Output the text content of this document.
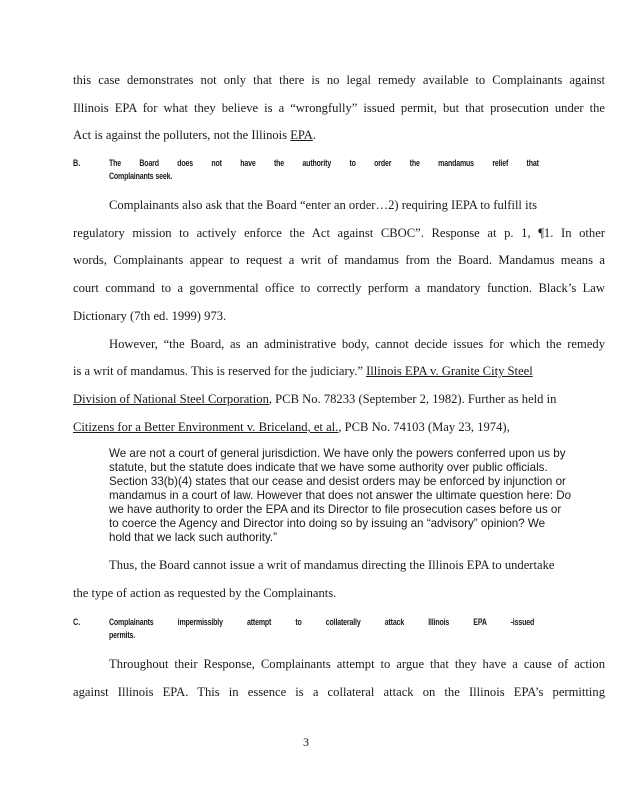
this case demonstrates not only that there is no legal remedy available to Complainants against
Illinois EPA for what they believe is a “wrongfully” issued permit, but that prosecution under the
Act is against the polluters, not the Illinois EPA.
B.	The Board does not have the authority to order the mandamus relief that
Complainants seek.
Complainants also ask that the Board “enter an order…2) requiring IEPA to fulfill its
regulatory mission to actively enforce the Act against CBOC”. Response at p. 1, ¶1. In other
words, Complainants appear to request a writ of mandamus from the Board. Mandamus means a
court command to a governmental office to correctly perform a mandatory function. Black’s Law
Dictionary (7th ed. 1999) 973.
However, “the Board, as an administrative body, cannot decide issues for which the remedy
is a writ of mandamus. This is reserved for the judiciary.” Illinois EPA v. Granite City Steel
Division of National Steel Corporation, PCB No. 78233 (September 2, 1982). Further as held in
Citizens for a Better Environment v. Briceland, et al., PCB No. 74103 (May 23, 1974),
We are not a court of general jurisdiction. We have only the powers conferred upon us by
statute, but the statute does indicate that we have some authority over public officials.
Section 33(b)(4) states that our cease and desist orders may be enforced by injunction or
mandamus in a court of law. However that does not answer the ultimate question here: Do
we have authority to order the EPA and its Director to file prosecution cases before us or
to coerce the Agency and Director into doing so by issuing an “advisory” opinion? We
hold that we lack such authority.”
Thus, the Board cannot issue a writ of mandamus directing the Illinois EPA to undertake
the type of action as requested by the Complainants.
C.	Complainants impermissibly attempt to collaterally attack Illinois EPA -issued
permits.
Throughout their Response, Complainants attempt to argue that they have a cause of action
against Illinois EPA. This in essence is a collateral attack on the Illinois EPA’s permitting
3
